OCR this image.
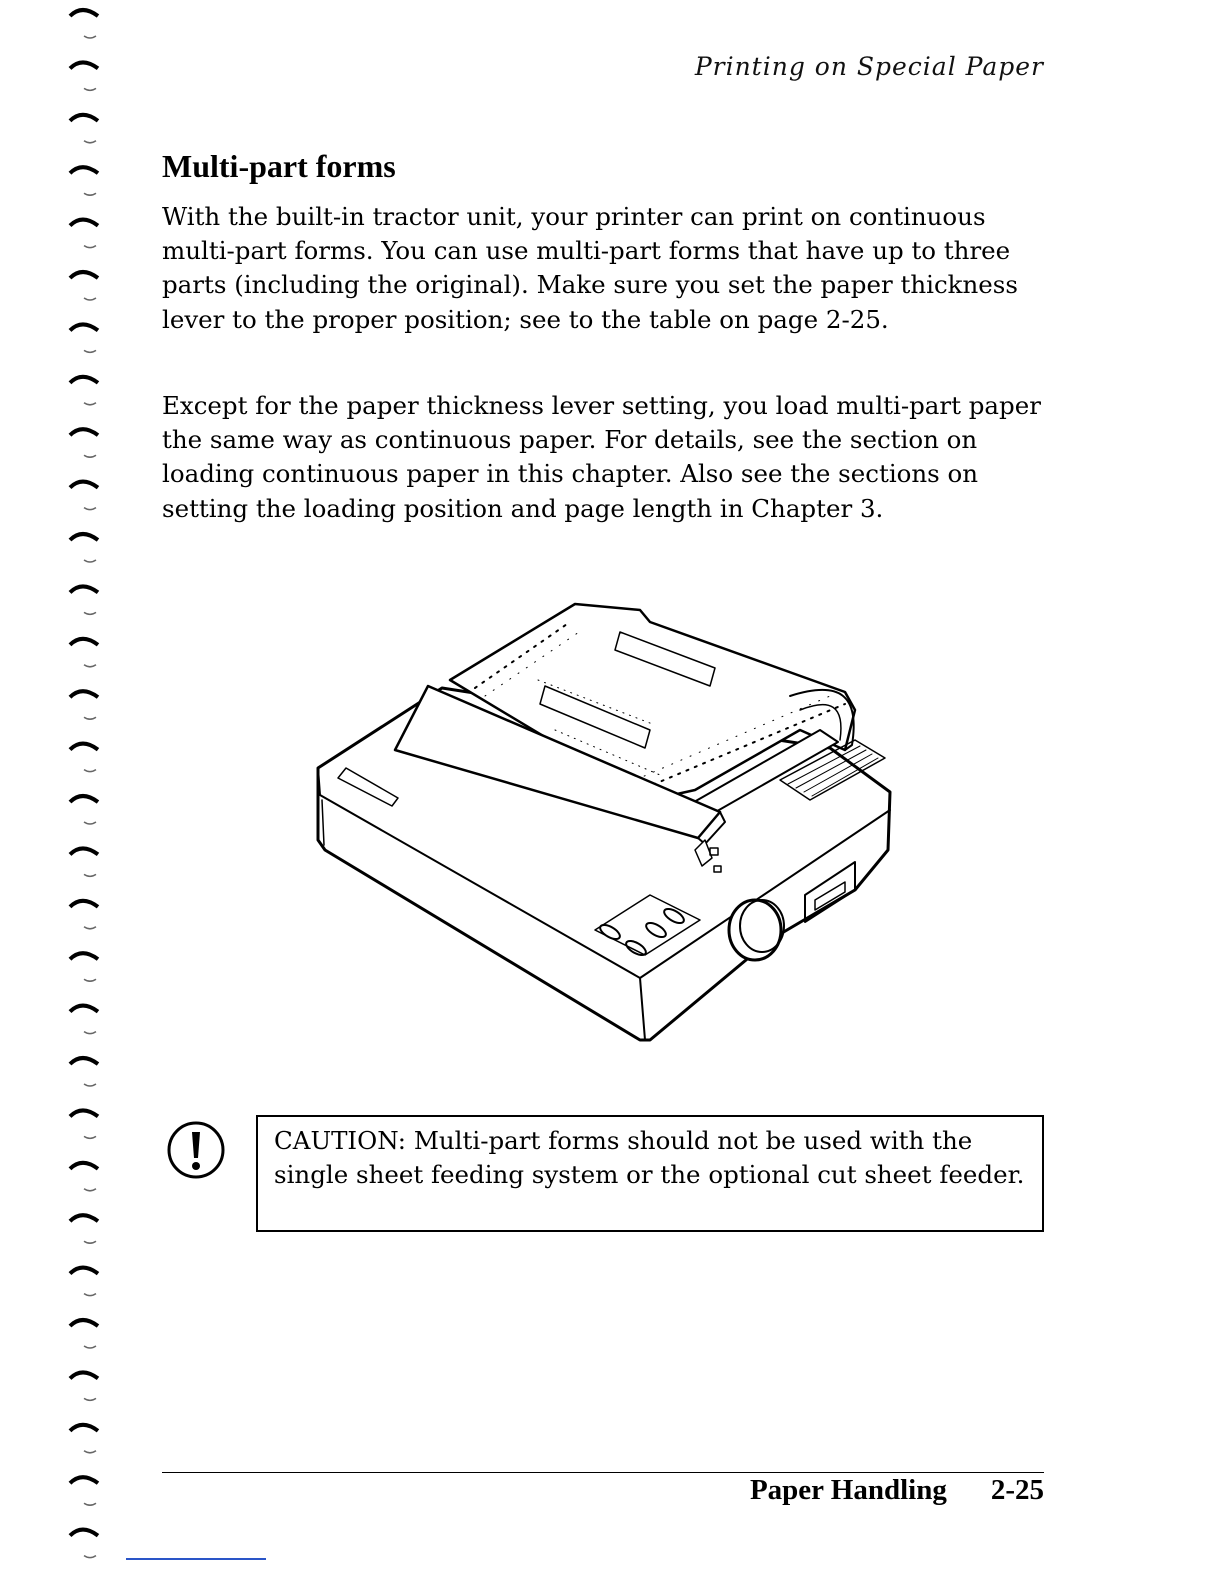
Printing on Special Paper
Multi-part forms

With the built-in tractor unit, your printer can print on continuous multi-part forms. You can use multi-part forms that have up to three parts (including the original). Make sure you set the paper thickness lever to the proper position; see to the table on page 2-25.

Except for the paper thickness lever setting, you load multi-part paper the same way as continuous paper. For details, see the section on loading continuous paper in this chapter. Also see the sections on setting the loading position and page length in Chapter 3.

CAUTION: Multi-part forms should not be used with the single sheet feeding system or the optional cut sheet feeder.
Paper Handling 2-25
